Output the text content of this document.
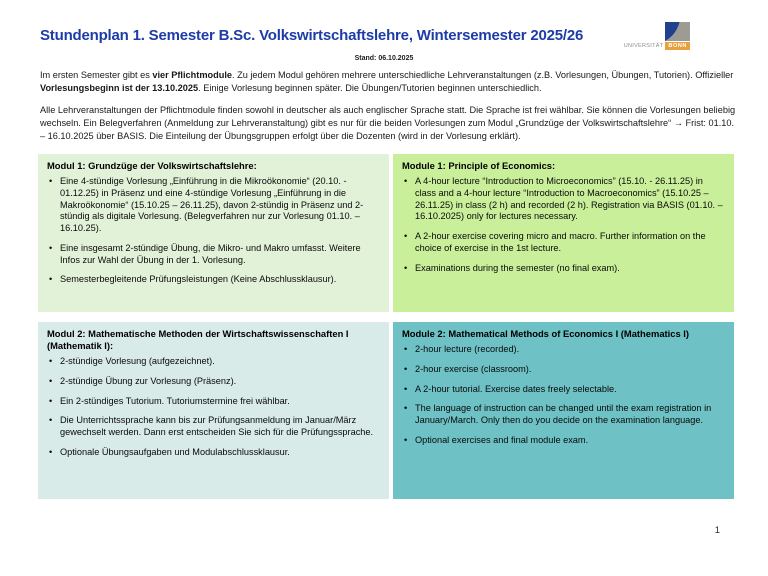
Stundenplan 1. Semester B.Sc. Volkswirtschaftslehre, Wintersemester 2025/26
UNIVERSITÄT BONN
Stand: 06.10.2025

Im ersten Semester gibt es vier Pflichtmodule. Zu jedem Modul gehören mehrere unterschiedliche Lehrveranstaltungen (z.B. Vorlesungen, Übungen, Tutorien). Offizieller Vorlesungsbeginn ist der 13.10.2025. Einige Vorlesung beginnen später. Die Übungen/Tutorien beginnen unterschiedlich.

Alle Lehrveranstaltungen der Pflichtmodule finden sowohl in deutscher als auch englischer Sprache statt. Die Sprache ist frei wählbar. Sie können die Vorlesungen beliebig wechseln. Ein Belegverfahren (Anmeldung zur Lehrveranstaltung) gibt es nur für die beiden Vorlesungen zum Modul „Grundzüge der Volkswirtschaftslehre“ → Frist: 01.10. – 16.10.2025 über BASIS. Die Einteilung der Übungsgruppen erfolgt über die Dozenten (wird in der Vorlesung erklärt).

Modul 1: Grundzüge der Volkswirtschaftslehre:
• Eine 4-stündige Vorlesung „Einführung in die Mikroökonomie“ (20.10. - 01.12.25) in Präsenz und eine 4-stündige Vorlesung „Einführung in die Makroökonomie“ (15.10.25 – 26.11.25), davon 2-stündig in Präsenz und 2-stündig als digitale Vorlesung. (Belegverfahren nur zur Vorlesung 01.10. – 16.10.25).
• Eine insgesamt 2-stündige Übung, die Mikro- und Makro umfasst. Weitere Infos zur Wahl der Übung in der 1. Vorlesung.
• Semesterbegleitende Prüfungsleistungen (Keine Abschlussklausur).
Module 1: Principle of Economics:
• A 4-hour lecture “Introduction to Microeconomics” (15.10. - 26.11.25) in class and a 4-hour lecture “Introduction to Macroeconomics” (15.10.25 – 26.11.25) in class (2 h) and recorded (2 h). Registration via BASIS (01.10. – 16.10.2025) only for lectures necessary.
• A 2-hour exercise covering micro and macro. Further information on the choice of exercise in the 1st lecture.
• Examinations during the semester (no final exam).
Modul 2: Mathematische Methoden der Wirtschaftswissenschaften I (Mathematik I):
• 2-stündige Vorlesung (aufgezeichnet).
• 2-stündige Übung zur Vorlesung (Präsenz).
• Ein 2-stündiges Tutorium. Tutoriumstermine frei wählbar.
• Die Unterrichtssprache kann bis zur Prüfungsanmeldung im Januar/März gewechselt werden. Dann erst entscheiden Sie sich für die Prüfungssprache.
• Optionale Übungsaufgaben und Modulabschlussklausur.
Module 2: Mathematical Methods of Economics I (Mathematics I)
• 2-hour lecture (recorded).
• 2-hour exercise (classroom).
• A 2-hour tutorial. Exercise dates freely selectable.
• The language of instruction can be changed until the exam registration in January/March. Only then do you decide on the examination language.
• Optional exercises and final module exam.
1
